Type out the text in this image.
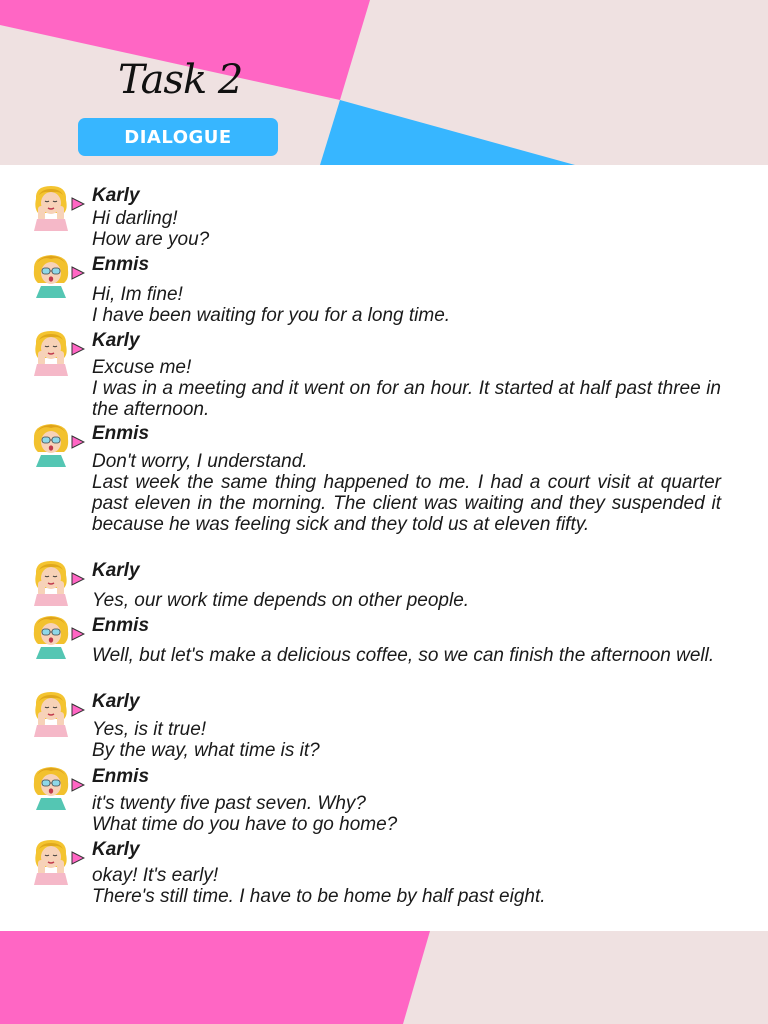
Task 2
DIALOGUE
Karly
Hi darling!
How are you?
Enmis
Hi, Im fine!
I have been waiting for you for a long time.
Karly
Excuse me!
I was in a meeting and it went on for an hour. It started at half past three in the afternoon.
Enmis
Don't worry, I understand.
Last week the same thing happened to me. I had a court visit at quarter past eleven in the morning. The client was waiting and they suspended it because he was feeling sick and they told us at eleven fifty.
Karly
Yes, our work time depends on other people.
Enmis
Well, but let's make a delicious coffee, so we can finish the afternoon well.
Karly
Yes, is it true!
By the way, what time is it?
Enmis
it's twenty five past seven. Why?
What time do you have to go home?
Karly
okay! It's early!
There's still time. I have to be home by half past eight.
